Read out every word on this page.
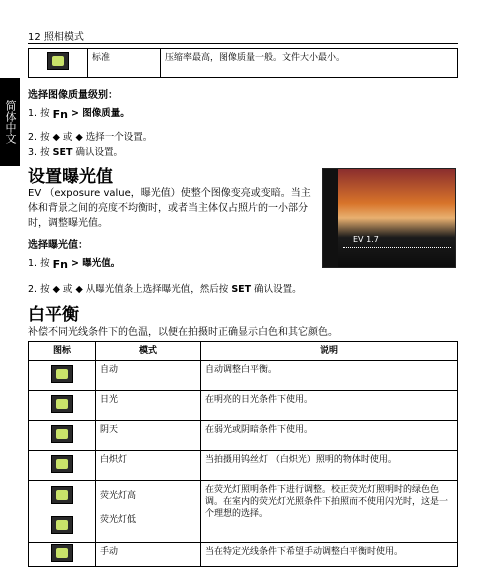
12 照相模式
简体中文
	标准	压缩率最高，图像质量一般。文件大小最小。
选择图像质量级别：
1. 按 Fn > 图像质量。
2. 按 ◆ 或 ◆ 选择一个设置。
3. 按 SET 确认设置。
设置曝光值
EV （exposure value，曝光值）使整个图像变亮或变暗。当主体和背景之间的亮度不均衡时，或者当主体仅占照片的一小部分时，调整曝光值。
EV 1.7
选择曝光值：
1. 按 Fn > 曝光值。
2. 按 ◆ 或 ◆ 从曝光值条上选择曝光值，然后按 SET 确认设置。
白平衡
补偿不同光线条件下的色温，以便在拍摄时正确显示白色和其它颜色。
图标	模式	说明
	自动	自动调整白平衡。
	日光	在明亮的日光条件下使用。
	阴天	在弱光或阴暗条件下使用。
	白炽灯	当拍摄用钨丝灯 （白炽光）照明的物体时使用。

	荧光灯高
荧光灯低	在荧光灯照明条件下进行调整。校正荧光灯照明时的绿色色调。在室内的荧光灯光照条件下拍照而不使用闪光时，这是一个理想的选择。
	手动	当在特定光线条件下希望手动调整白平衡时使用。
